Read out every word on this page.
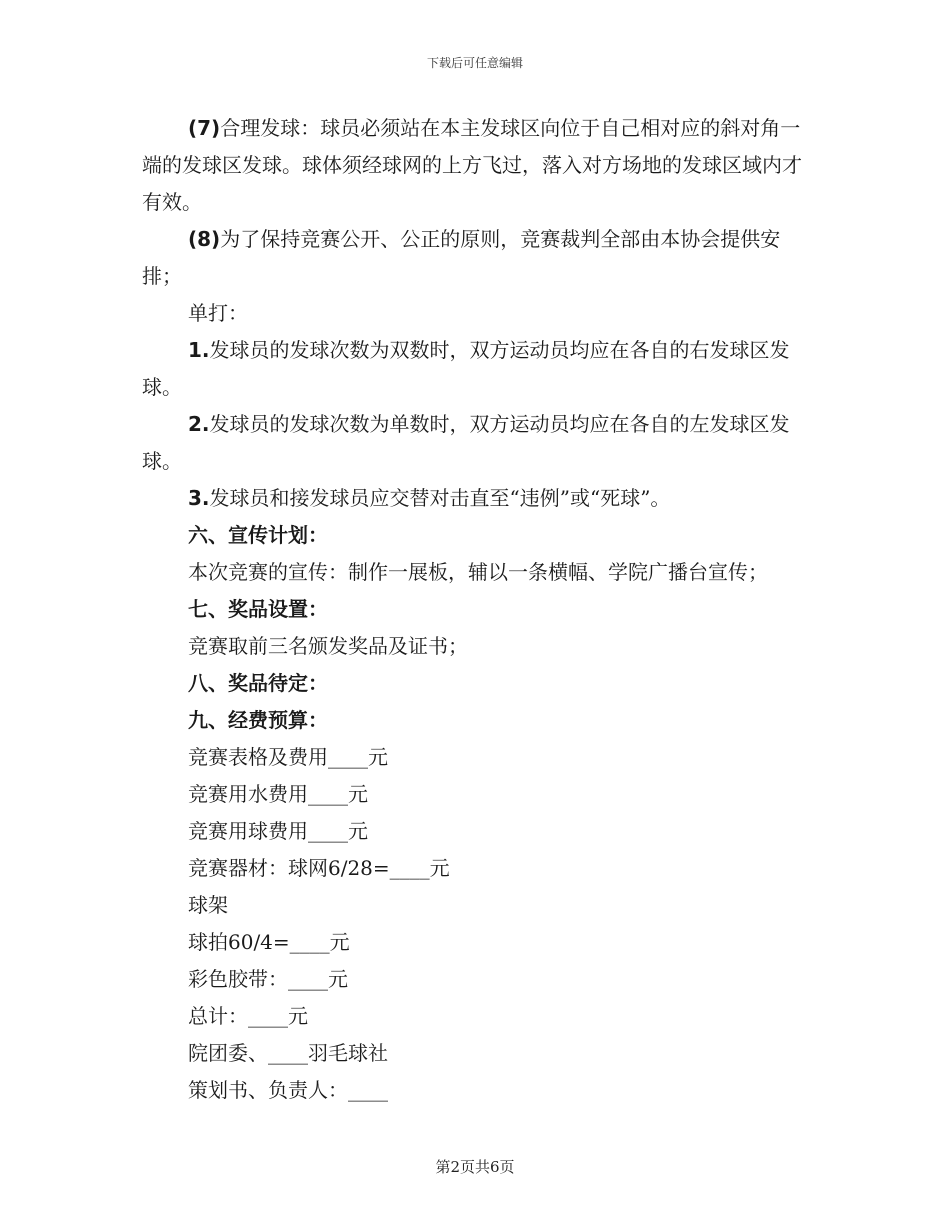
下载后可任意编辑

(7)合理发球：球员必须站在本主发球区向位于自己相对应的斜对角一端的发球区发球。球体须经球网的上方飞过，落入对方场地的发球区域内才有效。

(8)为了保持竞赛公开、公正的原则，竞赛裁判全部由本协会提供安排；

单打：

1.发球员的发球次数为双数时，双方运动员均应在各自的右发球区发球。

2.发球员的发球次数为单数时，双方运动员均应在各自的左发球区发球。

3.发球员和接发球员应交替对击直至“违例”或“死球”。

六、宣传计划：

本次竞赛的宣传：制作一展板，辅以一条横幅、学院广播台宣传；

七、奖品设置：

竞赛取前三名颁发奖品及证书；

八、奖品待定：

九、经费预算：

竞赛表格及费用____元

竞赛用水费用____元

竞赛用球费用____元

竞赛器材：球网6/28=____元

球架

球拍60/4=____元

彩色胶带：____元

总计：____元

院团委、____羽毛球社

策划书、负责人：____

第2页共6页
